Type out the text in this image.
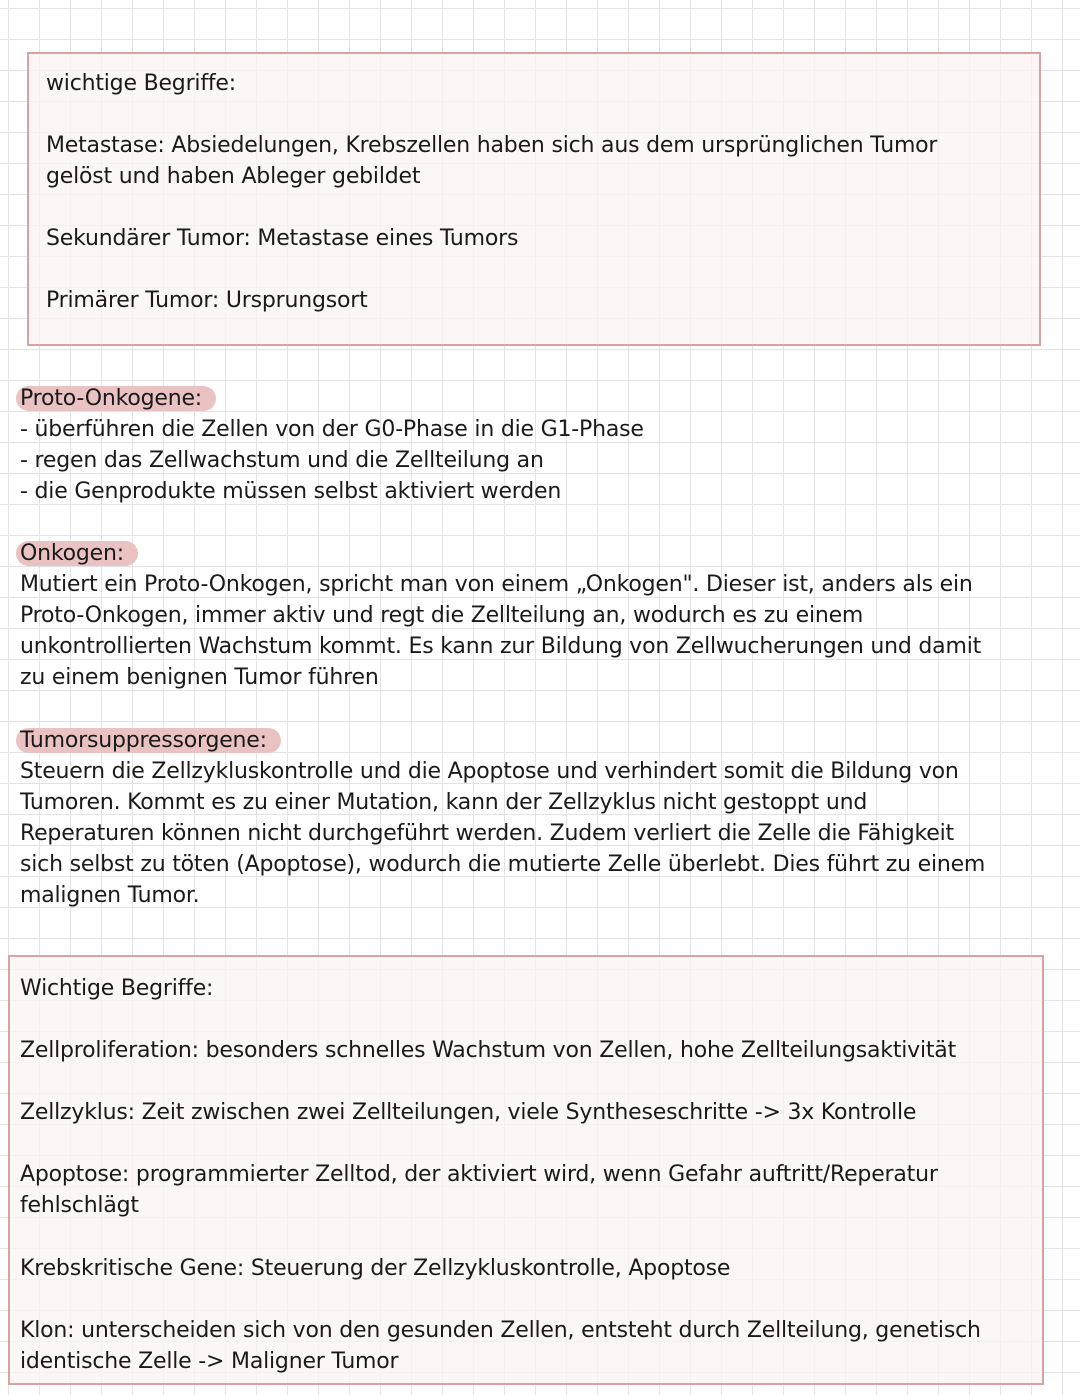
wichtige Begriffe:
Metastase: Absiedelungen, Krebszellen haben sich aus dem ursprünglichen Tumor
gelöst und haben Ableger gebildet
Sekundärer Tumor: Metastase eines Tumors
Primärer Tumor: Ursprungsort
Proto-Onkogene:
- überführen die Zellen von der G0-Phase in die G1-Phase
- regen das Zellwachstum und die Zellteilung an
- die Genprodukte müssen selbst aktiviert werden
Onkogen:
Mutiert ein Proto-Onkogen, spricht man von einem „Onkogen". Dieser ist, anders als ein
Proto-Onkogen, immer aktiv und regt die Zellteilung an, wodurch es zu einem
unkontrollierten Wachstum kommt. Es kann zur Bildung von Zellwucherungen und damit
zu einem benignen Tumor führen
Tumorsuppressorgene:
Steuern die Zellzykluskontrolle und die Apoptose und verhindert somit die Bildung von
Tumoren. Kommt es zu einer Mutation, kann der Zellzyklus nicht gestoppt und
Reperaturen können nicht durchgeführt werden. Zudem verliert die Zelle die Fähigkeit
sich selbst zu töten (Apoptose), wodurch die mutierte Zelle überlebt. Dies führt zu einem
malignen Tumor.
Wichtige Begriffe:
Zellproliferation: besonders schnelles Wachstum von Zellen, hohe Zellteilungsaktivität
Zellzyklus: Zeit zwischen zwei Zellteilungen, viele Syntheseschritte -> 3x Kontrolle
Apoptose: programmierter Zelltod, der aktiviert wird, wenn Gefahr auftritt/Reperatur
fehlschlägt
Krebskritische Gene: Steuerung der Zellzykluskontrolle, Apoptose
Klon: unterscheiden sich von den gesunden Zellen, entsteht durch Zellteilung, genetisch
identische Zelle -> Maligner Tumor
